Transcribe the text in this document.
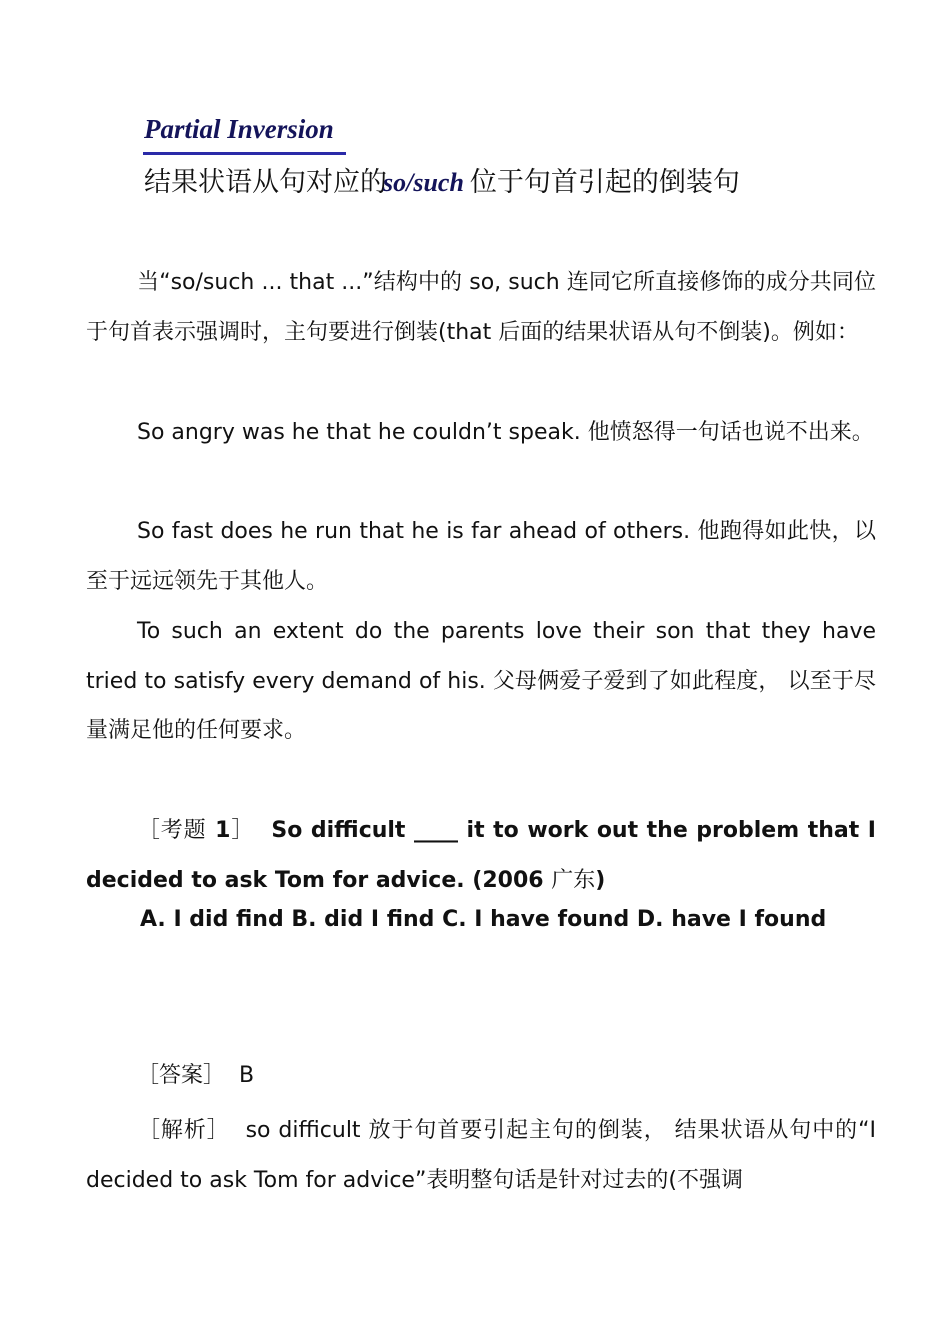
Partial Inversion
结果状语从句对应的so/such 位于句首引起的倒装句
当“so/such ... that ...”结构中的 so, such 连同它所直接修饰的成分共同位于句首表示强调时，主句要进行倒装(that 后面的结果状语从句不倒装)。例如：
So angry was he that he couldn’t speak. 他愤怒得一句话也说不出来。
So fast does he run that he is far ahead of others. 他跑得如此快，以至于远远领先于其他人。
To such an extent do the parents love their son that they have tried to satisfy every demand of his. 父母俩爱子爱到了如此程度， 以至于尽量满足他的任何要求。
［考题 1］ So difficult ____ it to work out the problem that I decided to ask Tom for advice. (2006 广东)
A. I did find B. did I find C. I have found D. have I found
［答案］ B
［解析］ so difficult 放于句首要引起主句的倒装， 结果状语从句中的“I decided to ask Tom for advice”表明整句话是针对过去的(不强调
